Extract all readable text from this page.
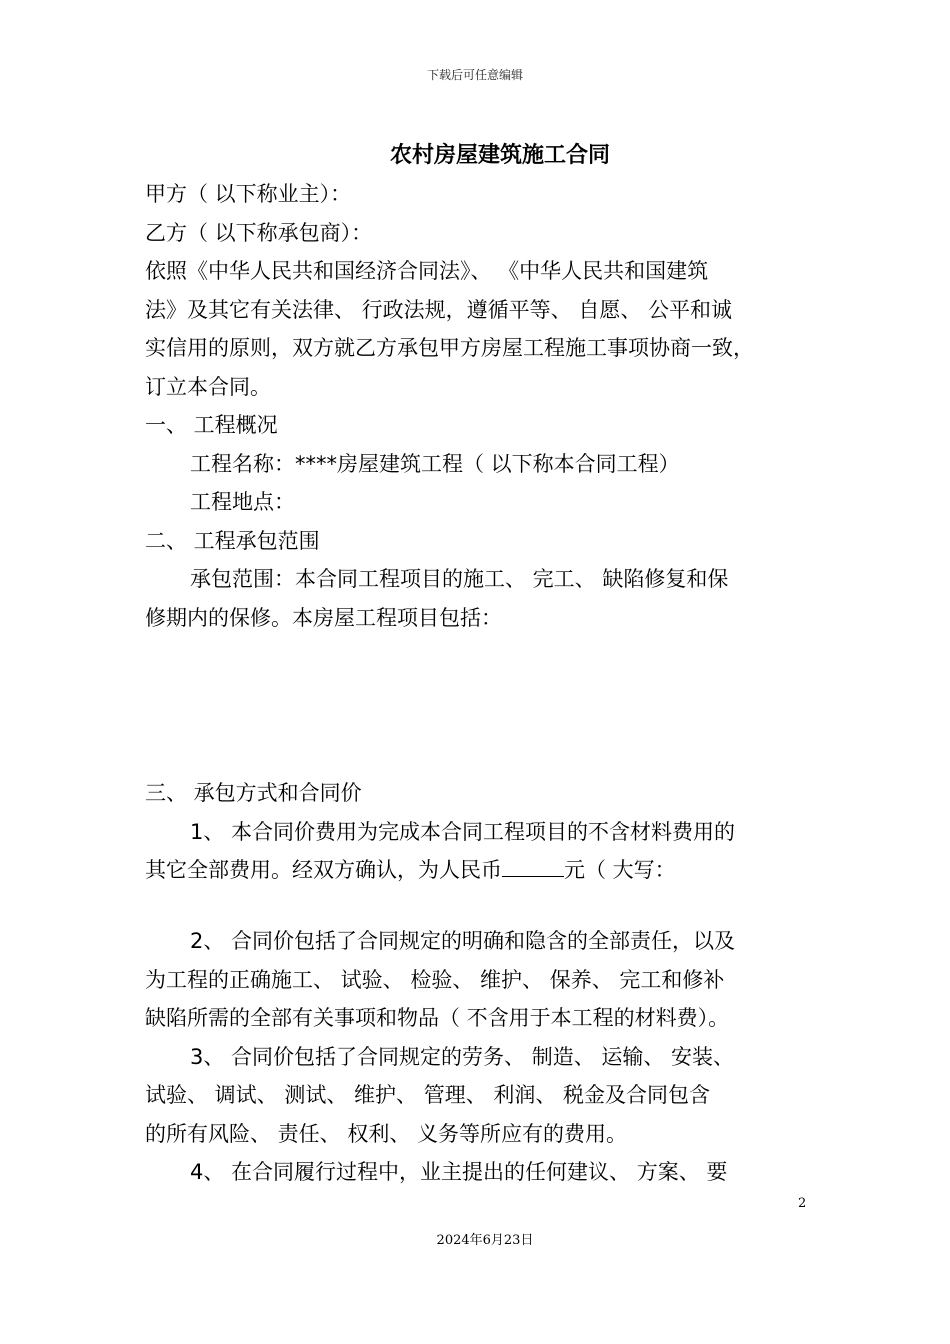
下载后可任意编辑
农村房屋建筑施工合同
甲方（ 以下称业主）：
乙方（ 以下称承包商）：
依照《中华人民共和国经济合同法》、 《中华人民共和国建筑
法》及其它有关法律、 行政法规，遵循平等、 自愿、 公平和诚
实信用的原则，双方就乙方承包甲方房屋工程施工事项协商一致，
订立本合同。
一、 工程概况
工程名称：****房屋建筑工程（ 以下称本合同工程）
工程地点：
二、 工程承包范围
承包范围：本合同工程项目的施工、 完工、 缺陷修复和保
修期内的保修。本房屋工程项目包括：
三、 承包方式和合同价
1、 本合同价费用为完成本合同工程项目的不含材料费用的
其它全部费用。经双方确认，为人民币	元（ 大写：
2、 合同价包括了合同规定的明确和隐含的全部责任，以及
为工程的正确施工、 试验、 检验、 维护、 保养、 完工和修补
缺陷所需的全部有关事项和物品（ 不含用于本工程的材料费）。
3、 合同价包括了合同规定的劳务、 制造、 运输、 安装、
试验、 调试、 测试、 维护、 管理、 利润、 税金及合同包含
的所有风险、 责任、 权利、 义务等所应有的费用。
4、 在合同履行过程中，业主提出的任何建议、 方案、 要
2
2024年6月23日
